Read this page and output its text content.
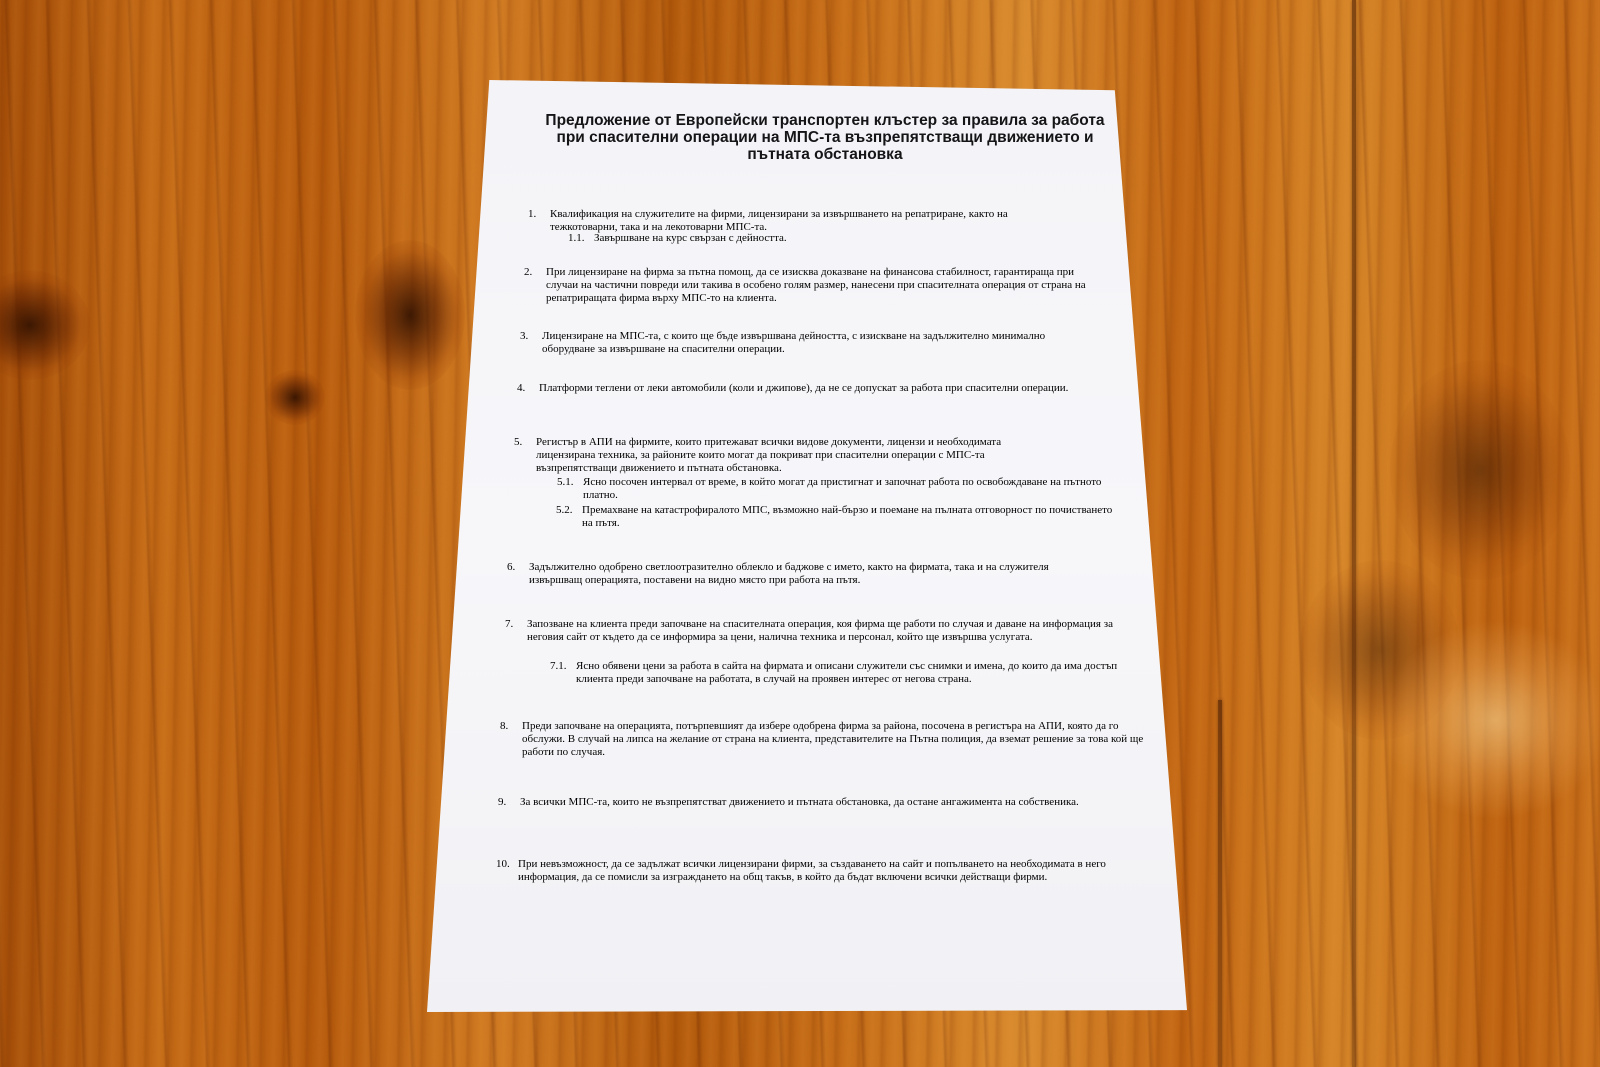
Предложение от Европейски транспортен клъстер за правила за работа при спасителни операции на МПС-та възпрепятстващи движението и пътната обстановка
1.	Квалификация на служителите на фирми, лицензирани за извършването на репатриране, както на тежкотоварни, така и на лекотоварни МПС-та.
1.1. Завършване на курс свързан с дейността.
2.	При лицензиране на фирма за пътна помощ, да се изисква доказване на финансова стабилност, гарантираща при случаи на частични повреди или такива в особено голям размер, нанесени при спасителната операция от страна на репатриращата фирма върху МПС-то на клиента.
3.	Лицензиране на МПС-та, с които ще бъде извършвана дейността, с изискване на задължително минимално оборудване за извършване на спасителни операции.
4.	Платформи теглени от леки автомобили (коли и джипове), да не се допускат за работа при спасителни операции.
5.	Регистър в АПИ на фирмите, които притежават всички видове документи, лицензи и необходимата лицензирана техника, за районите които могат да покриват при спасителни операции с МПС-та възпрепятстващи движението и пътната обстановка.
5.1. Ясно посочен интервал от време, в който могат да пристигнат и започнат работа по освобождаване на пътното платно.
5.2. Премахване на катастрофиралото МПС, възможно най-бързо и поемане на пълната отговорност по почистването на пътя.
6.	Задължително одобрено светлоотразително облекло и баджове с името, както на фирмата, така и на служителя извършващ операцията, поставени на видно място при работа на пътя.
7.	Запозване на клиента преди започване на спасителната операция, коя фирма ще работи по случая и даване на информация за неговия сайт от където да се информира за цени, налична техника и персонал, който ще извършва услугата.
7.1. Ясно обявени цени за работа в сайта на фирмата и описани служители със снимки и имена, до които да има достъп клиента преди започване на работата, в случай на проявен интерес от негова страна.
8.	Преди започване на операцията, потърпевшият да избере одобрена фирма за района, посочена в регистъра на АПИ, която да го обслужи. В случай на липса на желание от страна на клиента, представителите на Пътна полиция, да вземат решение за това кой ще работи по случая.
9.	За всички МПС-та, които не възпрепятстват движението и пътната обстановка, да остане ангажимента на собственика.
10. При невъзможност, да се задължат всички лицензирани фирми, за създаването на сайт и попълването на необходимата в него информация, да се помисли за изграждането на общ такъв, в който да бъдат включени всички действащи фирми.
